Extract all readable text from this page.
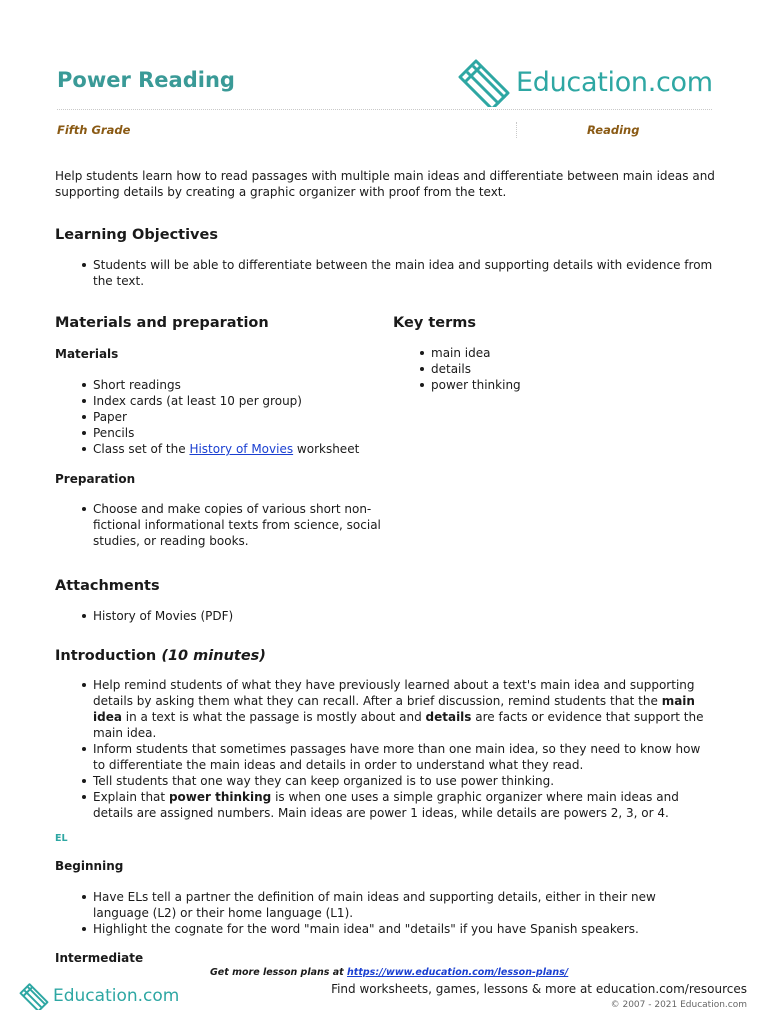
Power Reading	Education.com
Fifth Grade	Reading
Help students learn how to read passages with multiple main ideas and differentiate between main ideas and supporting details by creating a graphic organizer with proof from the text.
Learning Objectives
Students will be able to differentiate between the main idea and supporting details with evidence from the text.
Materials and preparation
Materials
Short readings
Index cards (at least 10 per group)
Paper
Pencils
Class set of the History of Movies worksheet
Preparation
Choose and make copies of various short non-fictional informational texts from science, social studies, or reading books.
Key terms
main idea
details
power thinking
Attachments
History of Movies (PDF)
Introduction (10 minutes)
Help remind students of what they have previously learned about a text's main idea and supporting details by asking them what they can recall. After a brief discussion, remind students that the main idea in a text is what the passage is mostly about and details are facts or evidence that support the main idea.
Inform students that sometimes passages have more than one main idea, so they need to know how to differentiate the main ideas and details in order to understand what they read.
Tell students that one way they can keep organized is to use power thinking.
Explain that power thinking is when one uses a simple graphic organizer where main ideas and details are assigned numbers. Main ideas are power 1 ideas, while details are powers 2, 3, or 4.
EL
Beginning
Have ELs tell a partner the definition of main ideas and supporting details, either in their new language (L2) or their home language (L1).
Highlight the cognate for the word "main idea" and "details" if you have Spanish speakers.
Intermediate
Get more lesson plans at https://www.education.com/lesson-plans/
Education.com	Find worksheets, games, lessons & more at education.com/resources
© 2007 - 2021 Education.com
